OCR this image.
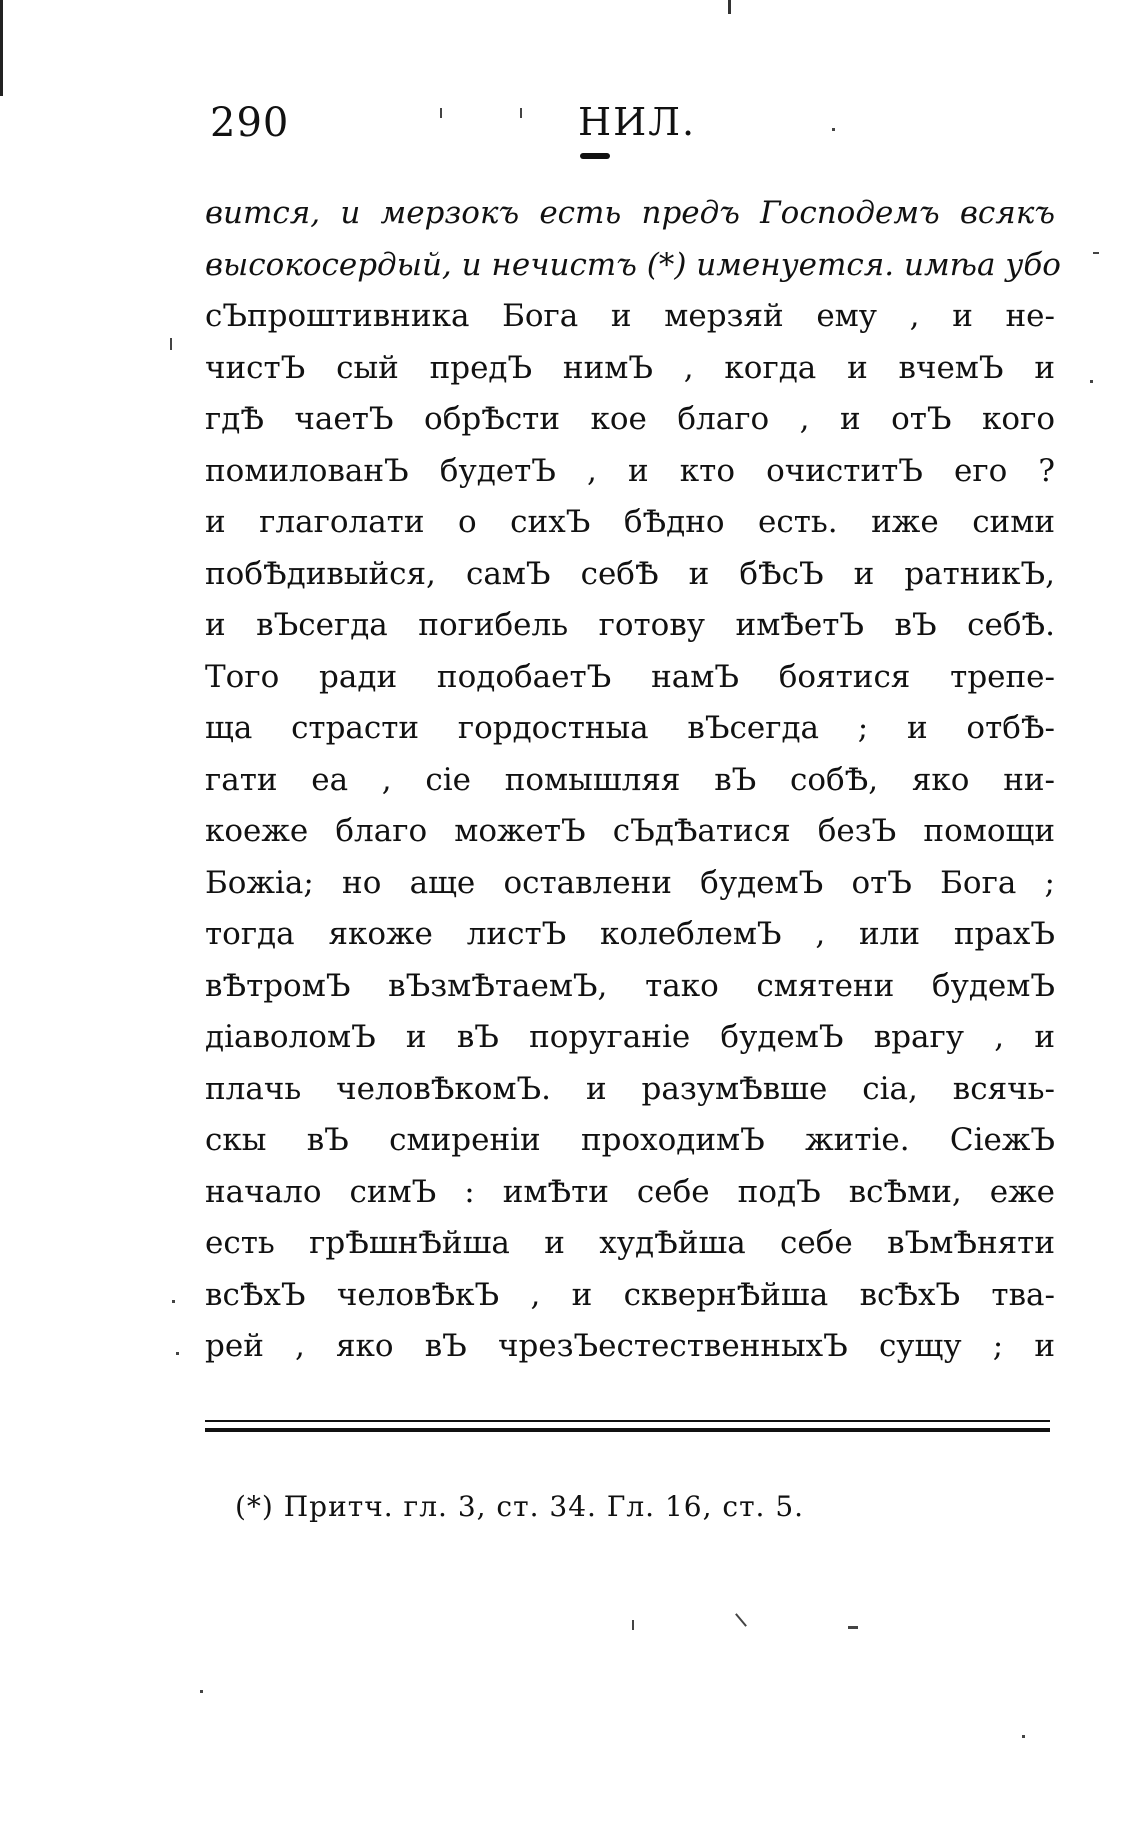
290	НИЛ.
вится, и мерзокъ есть предъ Господемъ всякъ
высокосердый, и нечистъ (*) именуется. имѣа убо
сЪпроштивника Бога и мерзяй ему , и не-
чистЪ сый предЪ нимЪ , когда и вчемЪ и
гдѢ чаетЪ обрѢсти кое благо , и отЪ кого
помилованЪ будетЪ , и кто очиститЪ его ?
и глаголати о сихЪ бѢдно есть. иже сими
побѢдивыйся, самЪ себѢ и бѢсЪ и ратникЪ,
и вЪсегда погибель готову имѢетЪ вЪ себѢ.
Того ради подобаетЪ намЪ боятися трепе-
ща страсти гордостныа вЪсегда ; и отбѢ-
гати еа , сiе помышляя вЪ собѢ, яко ни-
коеже благо можетЪ сЪдѢатися безЪ помощи
Божiа; но аще оставлени будемЪ отЪ Бога ;
тогда якоже листЪ колеблемЪ , или прахЪ
вѢтромЪ вЪзмѢтаемЪ, тако смятени будемЪ
дiаволомЪ и вЪ поруганiе будемЪ врагу , и
плачь человѢкомЪ. и разумѢвше сiа, всячь-
скы вЪ смиренiи проходимЪ житiе. СiежЪ
начало симЪ : имѢти себе подЪ всѢми, еже
есть грѢшнѢйша и худѢйша себе вЪмѢняти
всѢхЪ человѢкЪ , и сквернѢйша всѢхЪ тва-
рей , яко вЪ чрезЪестественныхЪ сущу ; и
(*) Притч. гл. 3, ст. 34. Гл. 16, ст. 5.
